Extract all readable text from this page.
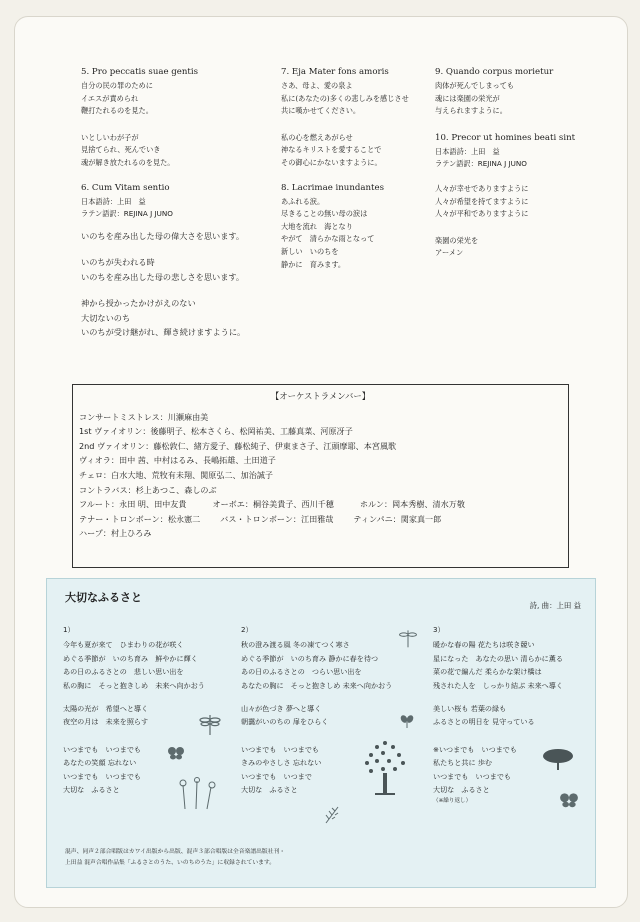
5. Pro peccatis suae gentis
自分の民の罪のために
イエスが責められ
鞭打たれるのを見た。
いとしいわが子が
見捨てられ、死んでいき
魂が解き放たれるのを見た。
6. Cum Vitam sentio
日本語詩：上田　益
ラテン語訳：REJINA J JUNO
いのちを産み出した母の偉大さを思います。
いのちが失われる時
いのちを産み出した母の悲しさを思います。
神から授かったかけがえのない
大切ないのち
いのちが受け継がれ、輝き続けますように。
7. Eja Mater fons amoris
さあ、母よ、愛の泉よ
私に(あなたの)多くの悲しみを感じさせ
共に嘆かせてください。
私の心を燃えあがらせ
神なるキリストを愛することで
その御心にかないますように。
8. Lacrimae inundantes
あふれる涙。
尽きることの無い母の涙は
大地を流れ　海となり
やがて　清らかな雨となって
新しい　いのちを
静かに　育みます。
9. Quando corpus morietur
肉体が死んでしまっても
魂には楽園の栄光が
与えられますように。
10. Precor ut homines beati sint
日本語詩：上田　益
ラテン語訳：REJINA J JUNO
人々が幸せでありますように
人々が希望を持てますように
人々が平和でありますように
楽園の栄光を
アーメン
【オーケストラメンバー】
コンサートミストレス：川瀬麻由美
1st ヴァイオリン：後藤明子、松本さくら、松岡祐美、工藤真菜、河原冴子
2nd ヴァイオリン：藤松敦仁、緒方愛子、藤松純子、伊東まさ子、江頭摩耶、本宮風歌
ヴィオラ：田中 茜、中村はるみ、長嶋拓雄、土田道子
チェロ：白水大地、荒牧有未翔、関原弘二、加治誠子
コントラバス：杉上あつこ、森しのぶ
フルート：永田 明、田中友貴	オーボエ：桐谷美貴子、西川千穂	ホルン：岡本秀樹、清水万敬
テナー・トロンボーン：松永憲二 バス・トロンボーン：江田雅哉 ティンパニ：関家真一郎
ハープ：村上ひろみ
大切なふるさと
詩, 曲：上田 益
1）
今年も夏が来て　ひまわりの花が咲く
めぐる季節が　いのち育み　鮮やかに輝く
あの日のふるさとの　悲しい思い出を
私の胸に　そっと抱きしめ　未来へ向かおう
太陽の光が　希望へと導く
夜空の月は　未来を照らす
いつまでも　いつまでも
あなたの笑顔 忘れない
いつまでも　いつまでも
大切な　ふるさと
2）
秋の澄み渡る風 冬の凍てつく寒さ
めぐる季節が　いのち育み 静かに春を待つ
あの日のふるさとの　つらい思い出を
あなたの胸に　そっと抱きしめ 未来へ向かおう
山々が色づき 夢へと導く
朝靄がいのちの 扉をひらく
いつまでも　いつまでも
きみのやさしさ 忘れない
いつまでも　いつまで
大切な　ふるさと
3）
暖かな春の陽 花たちは咲き競い
星になった　あなたの思い 清らかに薫る
菜の花で編んだ 柔らかな架け橋は
残された人を　しっかり結ぶ 未来へ導く
美しい桜も 若葉の緑も
ふるさとの明日を 見守っている
※いつまでも　いつまでも
私たちと共に 歩む
いつまでも　いつまでも
大切な　ふるさと
（※繰り返し）
混声、同声２部合唱版はカワイ出版から出版、混声３部合唱版は全音楽譜出版社刊・
上田益 混声合唱作品集「ふるさとのうた、いのちのうた」に収録されています。
